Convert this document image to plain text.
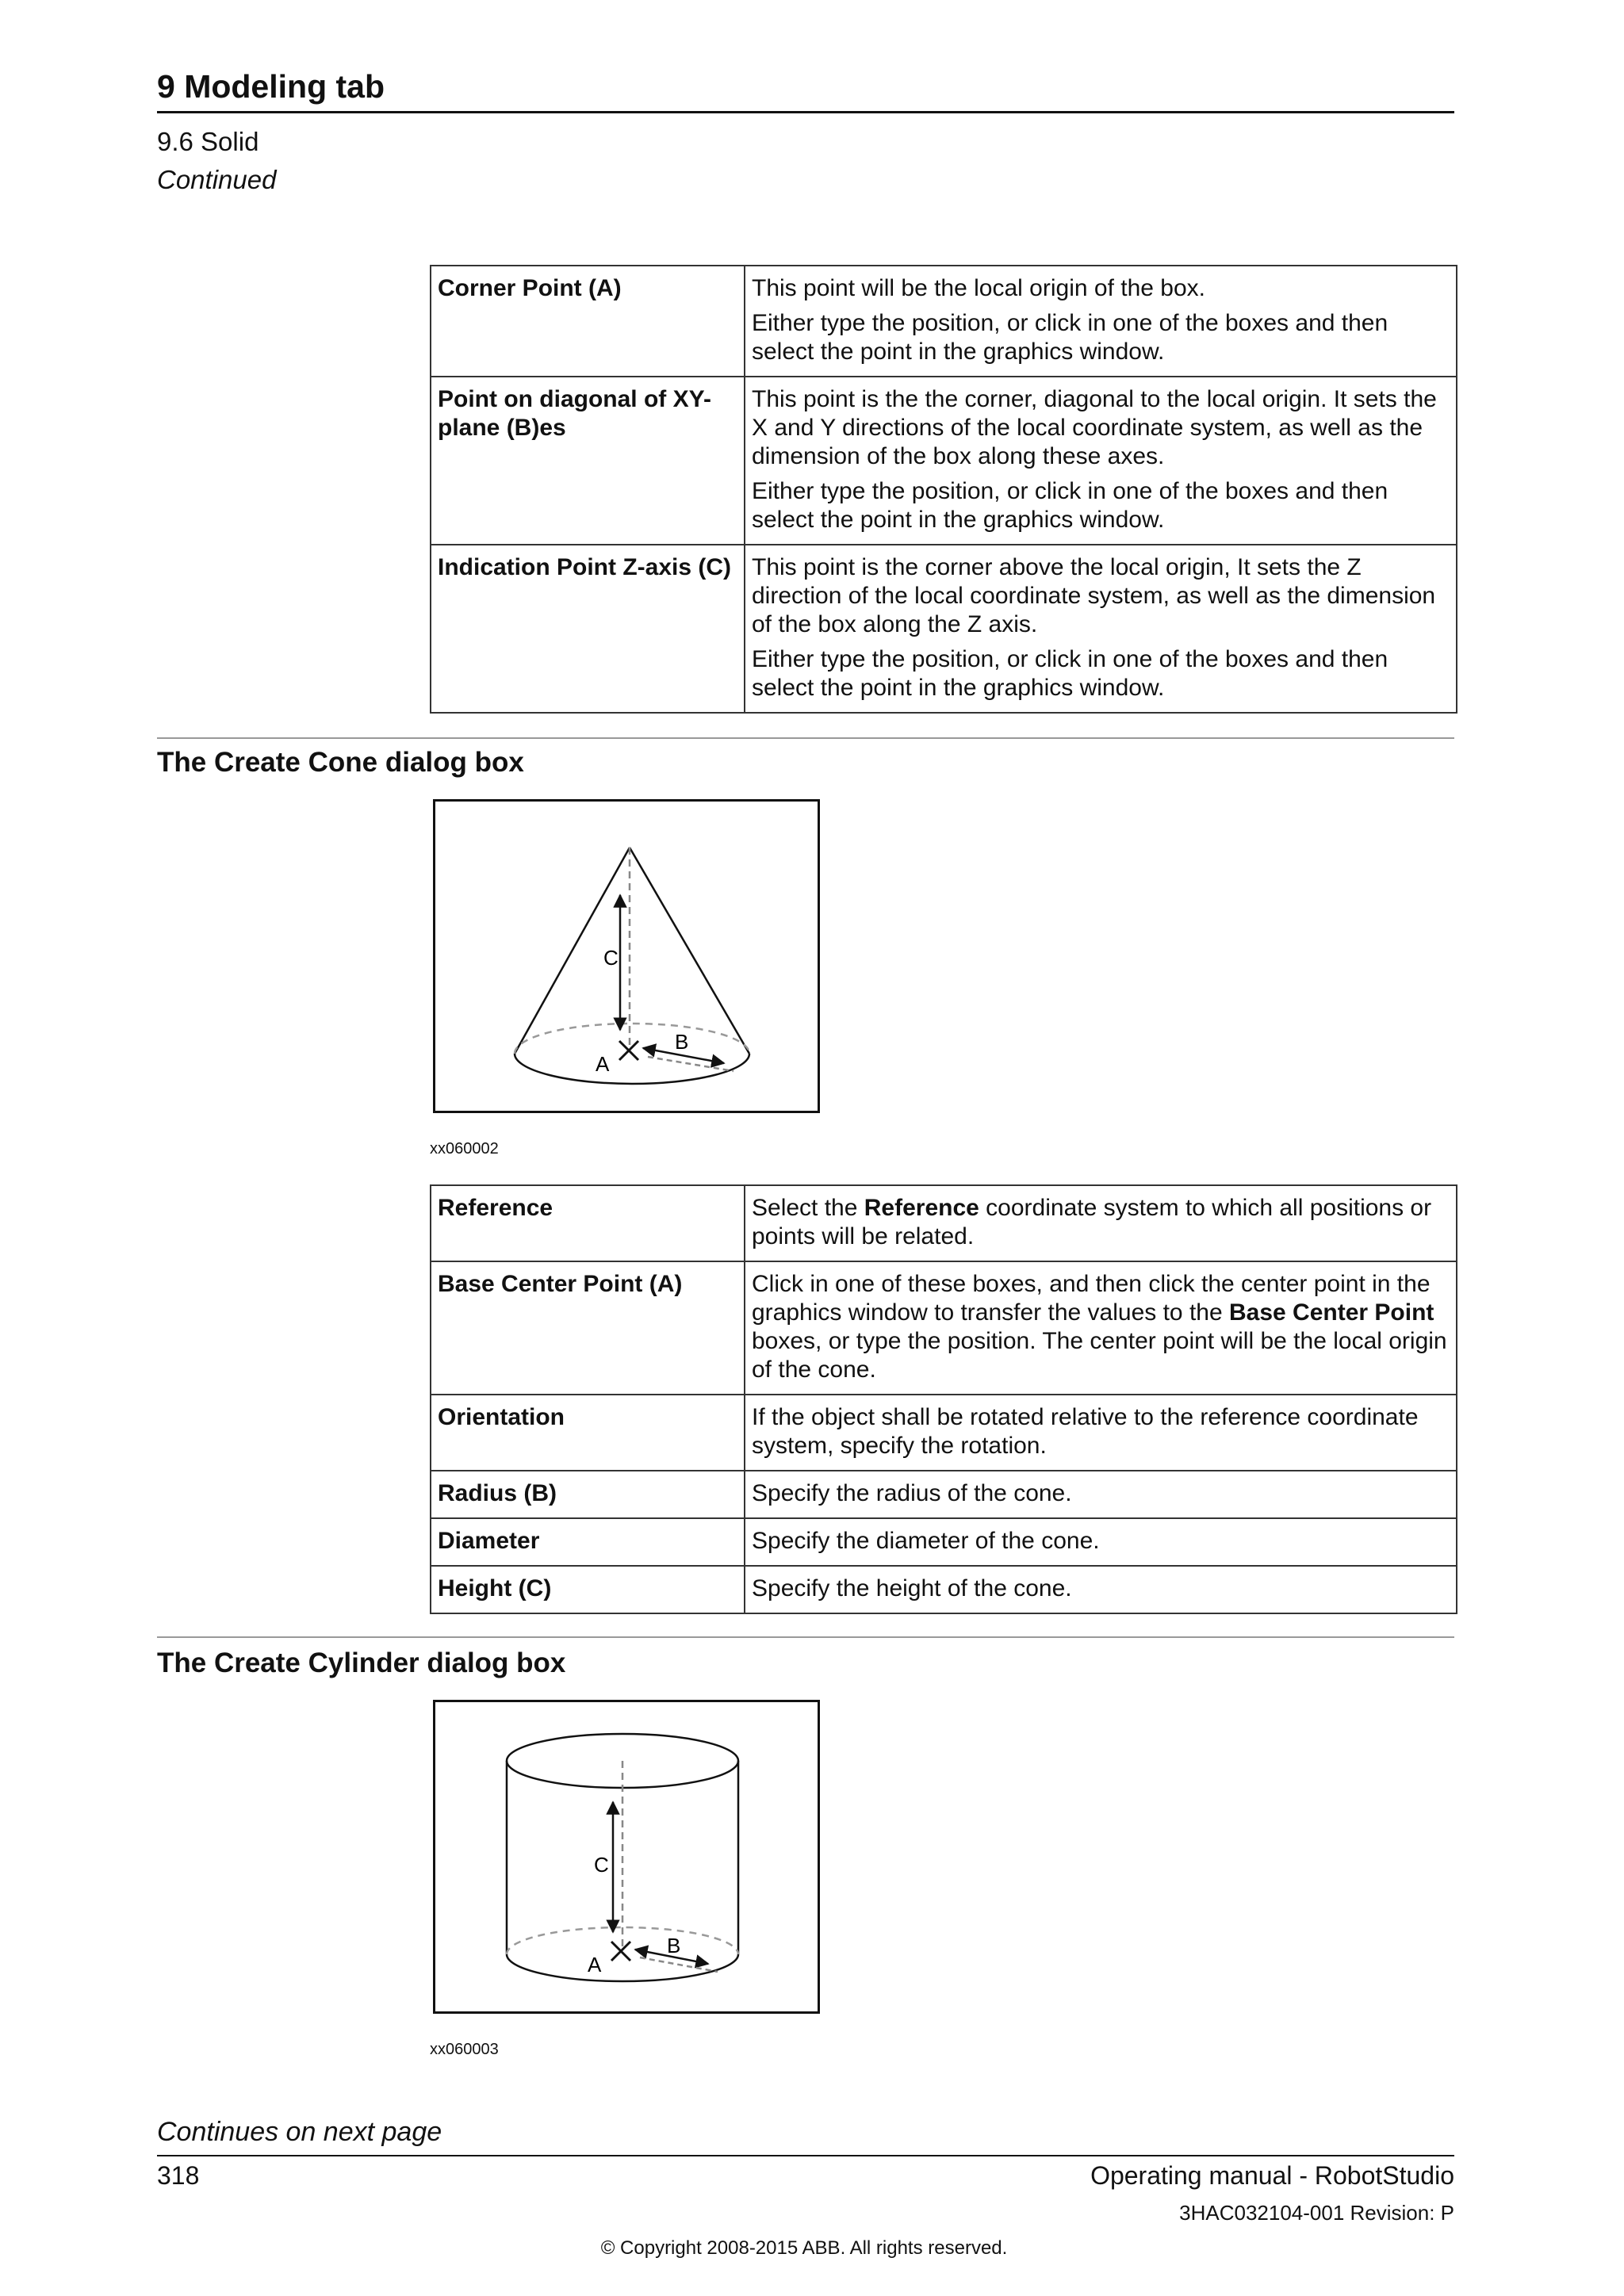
9 Modeling tab
9.6 Solid
Continued
Corner Point (A)	This point will be the local origin of the box.

Either type the position, or click in one of the boxes and then select the point in the graphics window.

Point on diagonal of XY-plane (B)es	This point is the the corner, diagonal to the local origin. It sets the X and Y directions of the local coordinate system, as well as the dimension of the box along these axes.

Either type the position, or click in one of the boxes and then select the point in the graphics window.

Indication Point Z-axis (C)	This point is the corner above the local origin, It sets the Z direction of the local coordinate system, as well as the dimension of the box along the Z axis.

Either type the position, or click in one of the boxes and then select the point in the graphics window.

The Create Cone dialog box
C
B
A
xx060002
Reference	Select the Reference coordinate system to which all positions or points will be related.
Base Center Point (A)	Click in one of these boxes, and then click the center point in the graphics window to transfer the values to the Base Center Point boxes, or type the position. The center point will be the local origin of the cone.
Orientation	If the object shall be rotated relative to the reference coordinate system, specify the rotation.
Radius (B)	Specify the radius of the cone.
Diameter	Specify the diameter of the cone.
Height (C)	Specify the height of the cone.
The Create Cylinder dialog box
C
B
A
xx060003
Continues on next page
318	Operating manual - RobotStudio
3HAC032104-001 Revision: P
© Copyright 2008-2015 ABB. All rights reserved.
